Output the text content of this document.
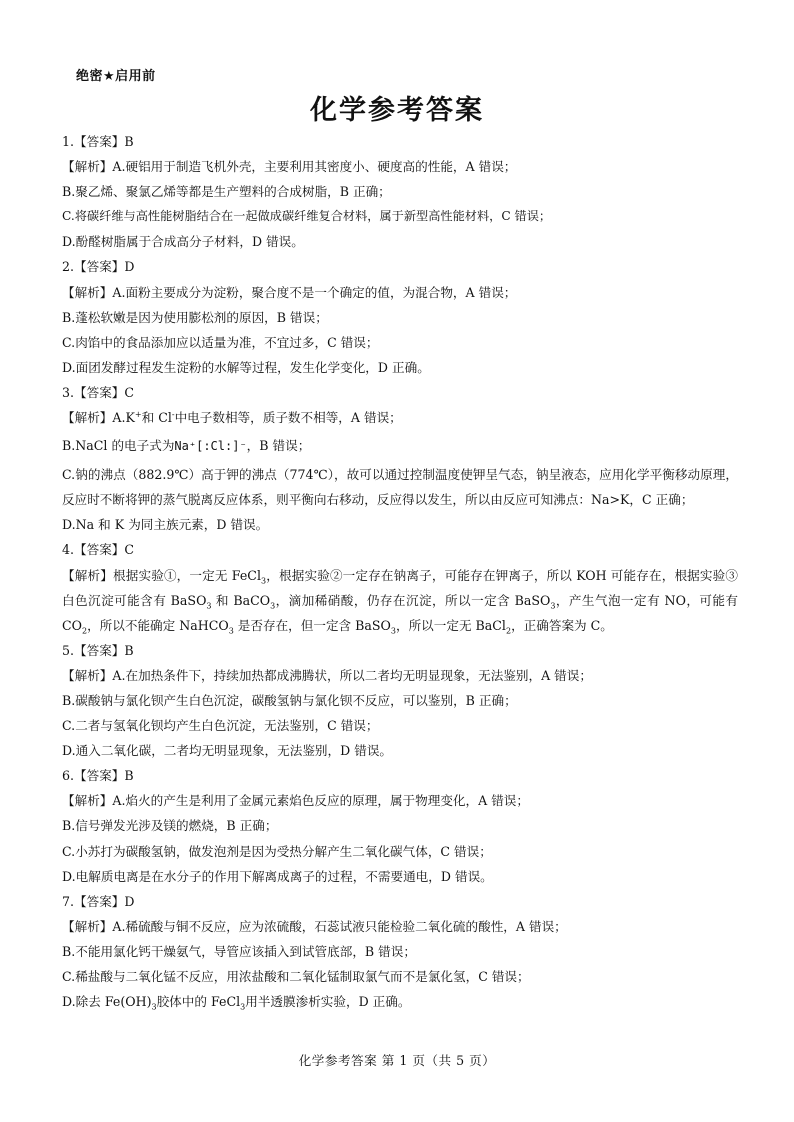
绝密★启用前
化学参考答案
1.【答案】B
【解析】A.硬铝用于制造飞机外壳，主要利用其密度小、硬度高的性能，A 错误；
B.聚乙烯、聚氯乙烯等都是生产塑料的合成树脂，B 正确；
C.将碳纤维与高性能树脂结合在一起做成碳纤维复合材料，属于新型高性能材料，C 错误；
D.酚醛树脂属于合成高分子材料，D 错误。
2.【答案】D
【解析】A.面粉主要成分为淀粉，聚合度不是一个确定的值，为混合物，A 错误；
B.蓬松软嫩是因为使用膨松剂的原因，B 错误；
C.肉馅中的食品添加应以适量为准，不宜过多，C 错误；
D.面团发酵过程发生淀粉的水解等过程，发生化学变化，D 正确。
3.【答案】C
【解析】A.K+和 Cl-中电子数相等，质子数不相等，A 错误；
B.NaCl 的电子式为Na⁺[:Cl:]⁻，B 错误；
C.钠的沸点（882.9℃）高于钾的沸点（774℃），故可以通过控制温度使钾呈气态，钠呈液态，应用化学平衡移动原理，反应时不断将钾的蒸气脱离反应体系，则平衡向右移动，反应得以发生，所以由反应可知沸点：Na>K，C 正确；
D.Na 和 K 为同主族元素，D 错误。
4.【答案】C
【解析】根据实验①，一定无 FeCl$_3$，根据实验②一定存在钠离子，可能存在钾离子，所以 KOH 可能存在，根据实验③白色沉淀可能含有 BaSO$_3$ 和 BaCO$_3$，滴加稀硝酸，仍存在沉淀，所以一定含 BaSO$_3$，产生气泡一定有 NO，可能有 $CO_2$，所以不能确定 NaHCO$_3$ 是否存在，但一定含 BaSO$_3$，所以一定无 BaCl$_2$，正确答案为 C。
5.【答案】B
【解析】A.在加热条件下，持续加热都成沸腾状，所以二者均无明显现象，无法鉴别，A 错误；
B.碳酸钠与氯化钡产生白色沉淀，碳酸氢钠与氯化钡不反应，可以鉴别，B 正确；
C.二者与氢氧化钡均产生白色沉淀，无法鉴别，C 错误；
D.通入二氧化碳，二者均无明显现象，无法鉴别，D 错误。
6.【答案】B
【解析】A.焰火的产生是利用了金属元素焰色反应的原理，属于物理变化，A 错误；
B.信号弹发光涉及镁的燃烧，B 正确；
C.小苏打为碳酸氢钠，做发泡剂是因为受热分解产生二氧化碳气体，C 错误；
D.电解质电离是在水分子的作用下解离成离子的过程，不需要通电，D 错误。
7.【答案】D
【解析】A.稀硫酸与铜不反应，应为浓硫酸，石蕊试液只能检验二氧化硫的酸性，A 错误；
B.不能用氯化钙干燥氨气，导管应该插入到试管底部，B 错误；
C.稀盐酸与二氧化锰不反应，用浓盐酸和二氧化锰制取氯气而不是氯化氢，C 错误；
D.除去 $Fe(OH)_3$胶体中的 FeCl$_3$用半透膜渗析实验，D 正确。
化学参考答案 第 1 页（共 5 页）
